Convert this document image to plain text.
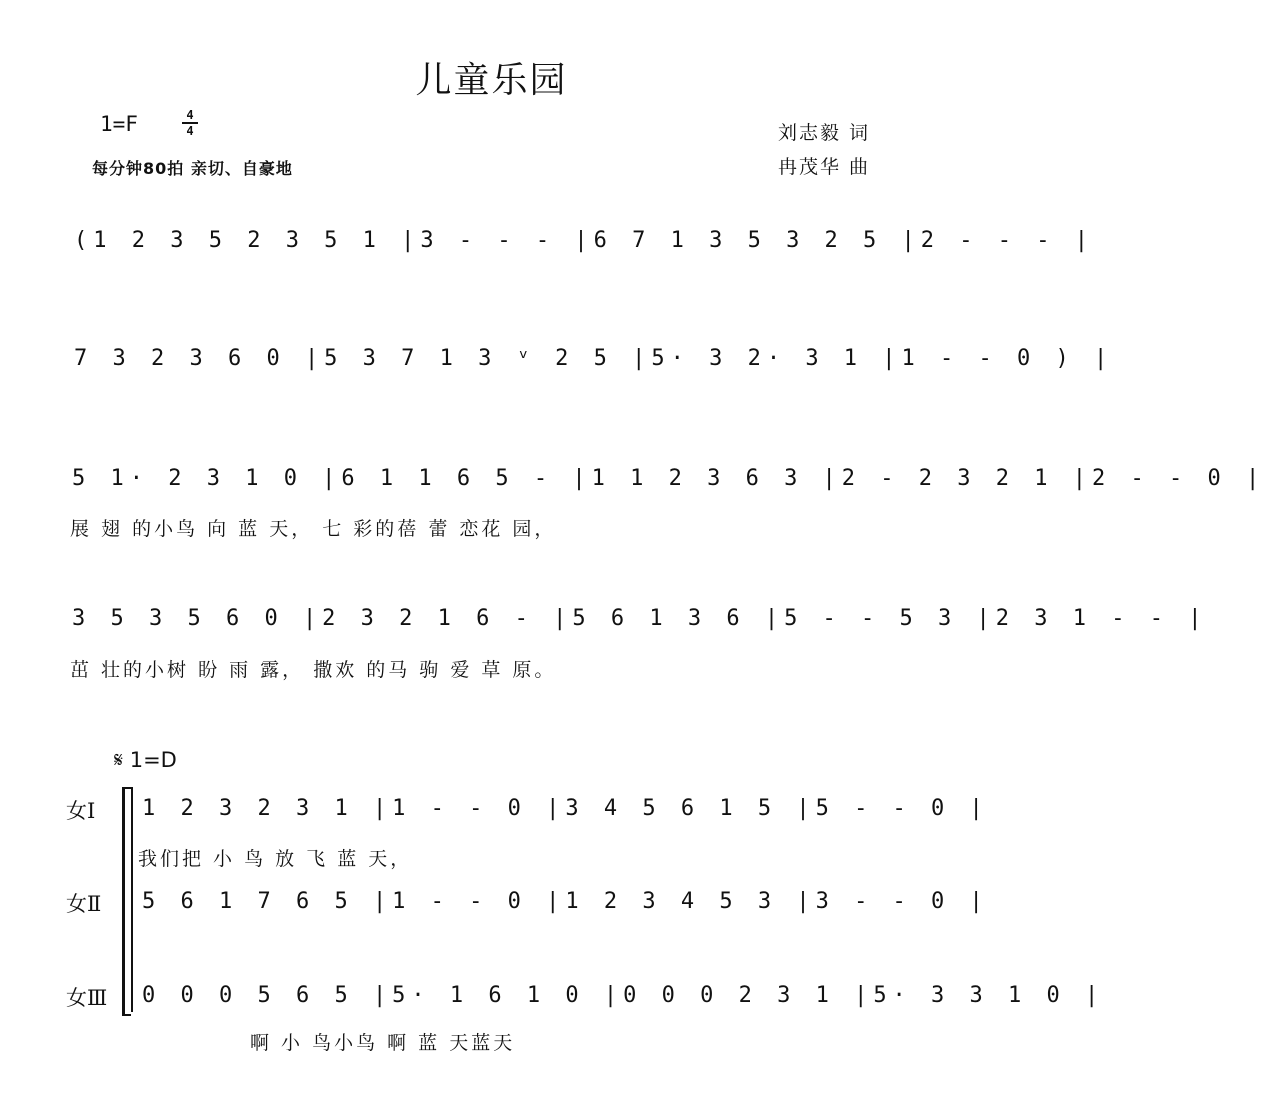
儿童乐园
1=F	4
4
每分钟80拍 亲切、自豪地
刘志毅 词
冉茂华 曲
(1 2 3 5 2 3 5 1 |3 - - - |6 7 1 3 5 3 2 5 |2 - - - |
7 3 2 3 6 0 |5 3 7 1 3 ᵛ 2 5 |5· 3 2· 3 1 |1 - - 0 ) |
5 1· 2 3 1 0 |6 1 1 6 5 - |1 1 2 3 6 3 |2 - 2 3 2 1 |2 - - 0 |
展 翅 的小鸟 向 蓝 天， 七 彩的蓓 蕾 恋花 园，
3 5 3 5 6 0 |2 3 2 1 6 - |5 6 1 3 6 |5 - - 5 3 |2 3 1 - - |
茁 壮的小树 盼 雨 露， 撒欢 的马 驹 爱 草 原。
𝄋 1=D
女Ⅰ 1 2 3 2 3 1 |1 - - 0 |3 4 5 6 1 5 |5 - - 0 |
我们把 小 鸟 放 飞 蓝 天，
女Ⅱ 5 6 1 7 6 5 |1 - - 0 |1 2 3 4 5 3 |3 - - 0 |
女Ⅲ 0 0 0 5 6 5 |5· 1 6 1 0 |0 0 0 2 3 1 |5· 3 3 1 0 |
啊 小 鸟小鸟 啊 蓝 天蓝天
